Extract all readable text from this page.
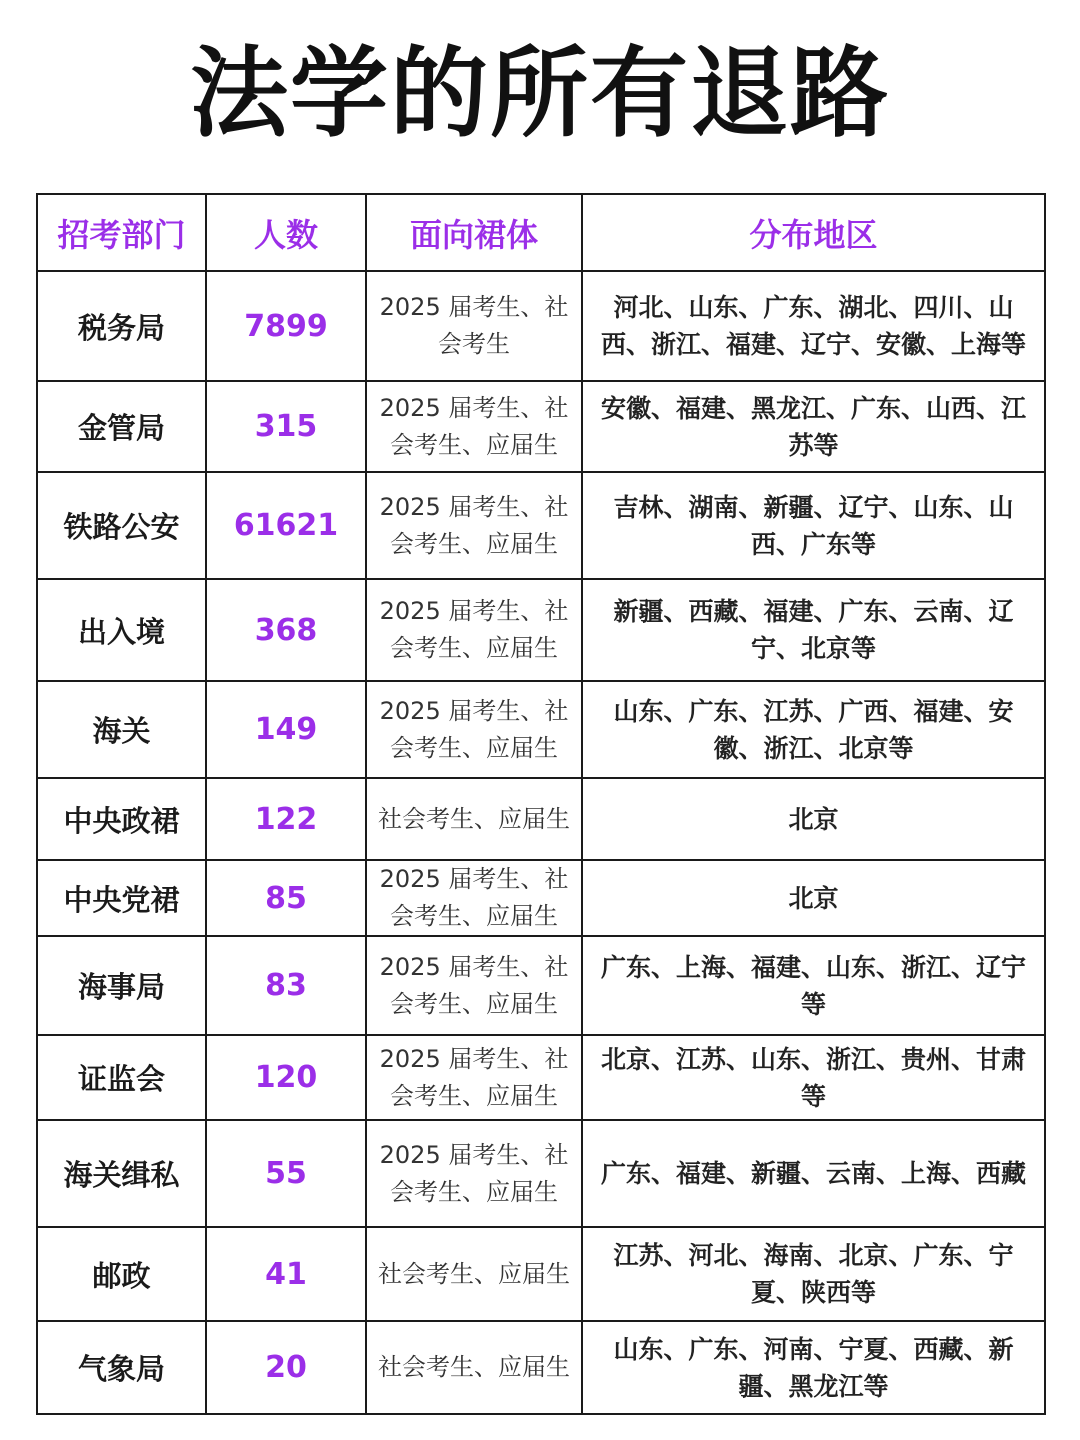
法学的所有退路
招考部门	人数	面向裙体	分布地区
税务局	7899	2025 届考生、社会考生	河北、山东、广东、湖北、四川、山西、浙江、福建、辽宁、安徽、上海等
金管局	315	2025 届考生、社会考生、应届生	安徽、福建、黑龙江、广东、山西、江苏等
铁路公安	61621	2025 届考生、社会考生、应届生	吉林、湖南、新疆、辽宁、山东、山西、广东等
出入境	368	2025 届考生、社会考生、应届生	新疆、西藏、福建、广东、云南、辽宁、北京等
海关	149	2025 届考生、社会考生、应届生	山东、广东、江苏、广西、福建、安徽、浙江、北京等
中央政裙	122	社会考生、应届生	北京
中央党裙	85	2025 届考生、社会考生、应届生	北京
海事局	83	2025 届考生、社会考生、应届生	广东、上海、福建、山东、浙江、辽宁等
证监会	120	2025 届考生、社会考生、应届生	北京、江苏、山东、浙江、贵州、甘肃等
海关缉私	55	2025 届考生、社会考生、应届生	广东、福建、新疆、云南、上海、西藏
邮政	41	社会考生、应届生	江苏、河北、海南、北京、广东、宁夏、陕西等
气象局	20	社会考生、应届生	山东、广东、河南、宁夏、西藏、新疆、黑龙江等
